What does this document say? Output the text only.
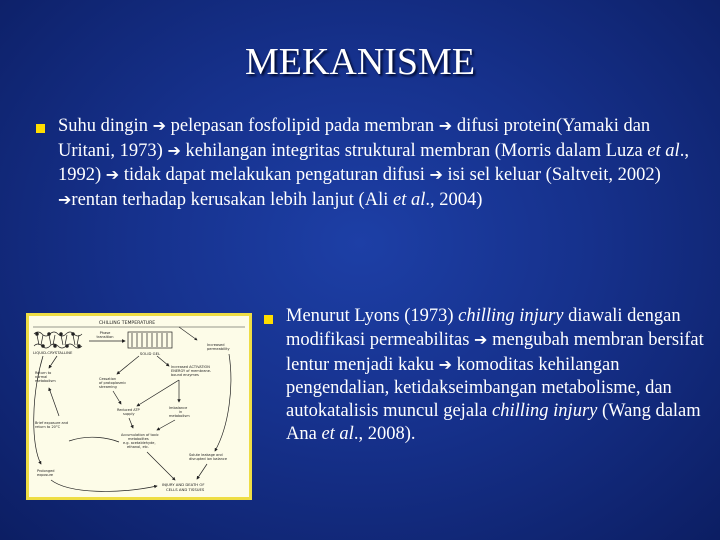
MEKANISME

Suhu dingin ➔ pelepasan fosfolipid pada membran ➔ difusi protein(Yamaki dan Uritani, 1973) ➔ kehilangan integritas struktural membran (Morris dalam Luza et al., 1992) ➔ tidak dapat melakukan pengaturan difusi ➔ isi sel keluar (Saltveit, 2002) ➔rentan terhadap kerusakan lebih lanjut (Ali et al., 2004)

CHILLING TEMPERATURE
LIQUID-CRYSTALLINE
Phase
transition
SOLID GEL
Increased
permeability
Increased ACTIVATION
ENERGY of membrane-
bound enzymes
Cessation
of protoplasmic
streaming
Return to
normal
metabolism
Reduced ATP
supply
Imbalance
in
metabolism
Brief exposure and
return to 20°C
Accumulation of toxic
metabolites
e.g. acetaldehyde,
ethanol, etc.
Solute leakage and
disrupted ion balance
Prolonged
exposure
INJURY AND DEATH OF
CELLS AND TISSUES

Menurut Lyons (1973) chilling injury diawali dengan modifikasi permeabilitas ➔ mengubah membran bersifat lentur menjadi kaku ➔ komoditas kehilangan pengendalian, ketidakseimbangan metabolisme, dan autokatalisis muncul gejala chilling injury (Wang dalam Ana et al., 2008).
